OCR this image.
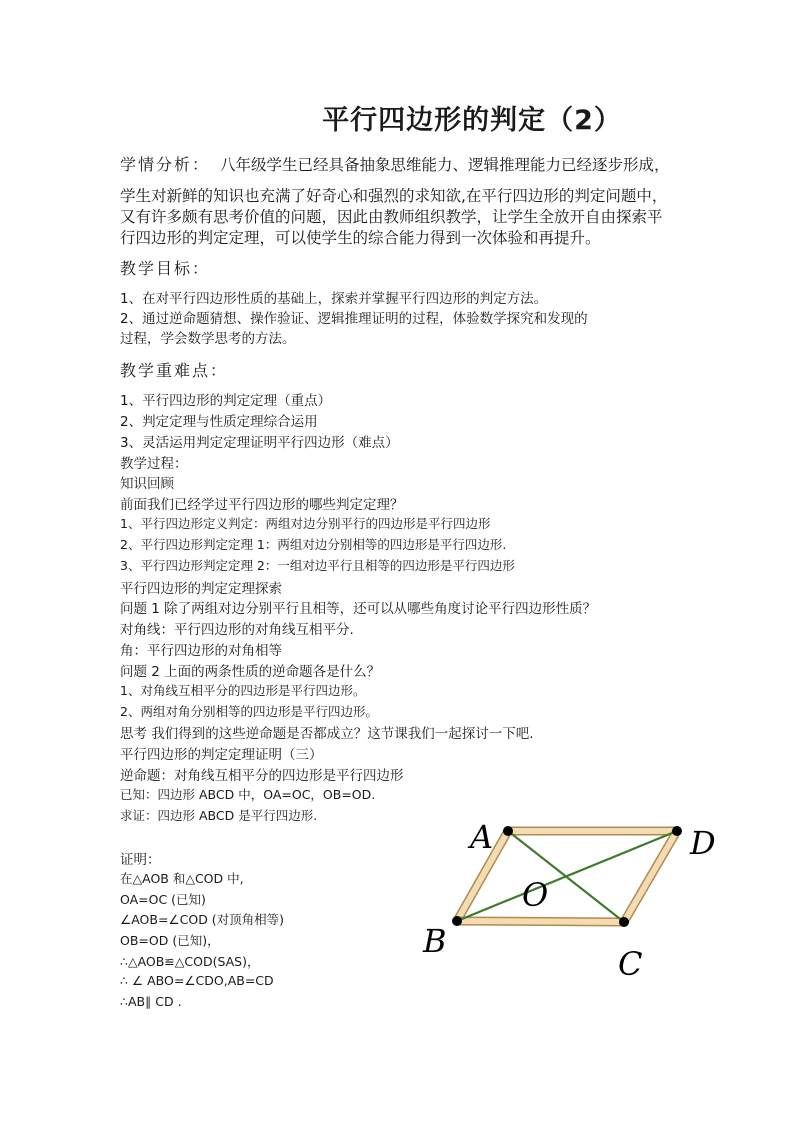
平行四边形的判定（2）
学情分析： 八年级学生已经具备抽象思维能力、逻辑推理能力已经逐步形成，
学生对新鲜的知识也充满了好奇心和强烈的求知欲,在平行四边形的判定问题中，
又有许多颇有思考价值的问题，因此由教师组织教学，让学生全放开自由探索平
行四边形的判定定理，可以使学生的综合能力得到一次体验和再提升。
教学目标：
1、在对平行四边形性质的基础上，探索并掌握平行四边形的判定方法。
2、通过逆命题猜想、操作验证、逻辑推理证明的过程，体验数学探究和发现的
过程，学会数学思考的方法。
教学重难点：
1、平行四边形的判定定理（重点）
2、判定定理与性质定理综合运用
3、灵活运用判定定理证明平行四边形（难点）
教学过程：
知识回顾
前面我们已经学过平行四边形的哪些判定定理？
1、平行四边形定义判定：两组对边分别平行的四边形是平行四边形
2、平行四边形判定定理 1：两组对边分别相等的四边形是平行四边形.
3、平行四边形判定定理 2：一组对边平行且相等的四边形是平行四边形
平行四边形的判定定理探索
问题 1 除了两组对边分别平行且相等，还可以从哪些角度讨论平行四边形性质？
对角线：平行四边形的对角线互相平分.
角：平行四边形的对角相等
问题 2 上面的两条性质的逆命题各是什么？
1、对角线互相平分的四边形是平行四边形。
2、两组对角分别相等的四边形是平行四边形。
思考 我们得到的这些逆命题是否都成立？这节课我们一起探讨一下吧.
平行四边形的判定定理证明（三）
逆命题：对角线互相平分的四边形是平行四边形
已知：四边形 ABCD 中，OA=OC，OB=OD.
求证：四边形 ABCD 是平行四边形.
证明：
在△AOB 和△COD 中,
OA=OC (已知)
∠AOB=∠COD (对顶角相等)
OB=OD (已知)，
∴△AOB≌△COD(SAS)，
∴ ∠ ABO=∠CDO,AB=CD
∴AB∥ CD .
A	D
O
B
C
